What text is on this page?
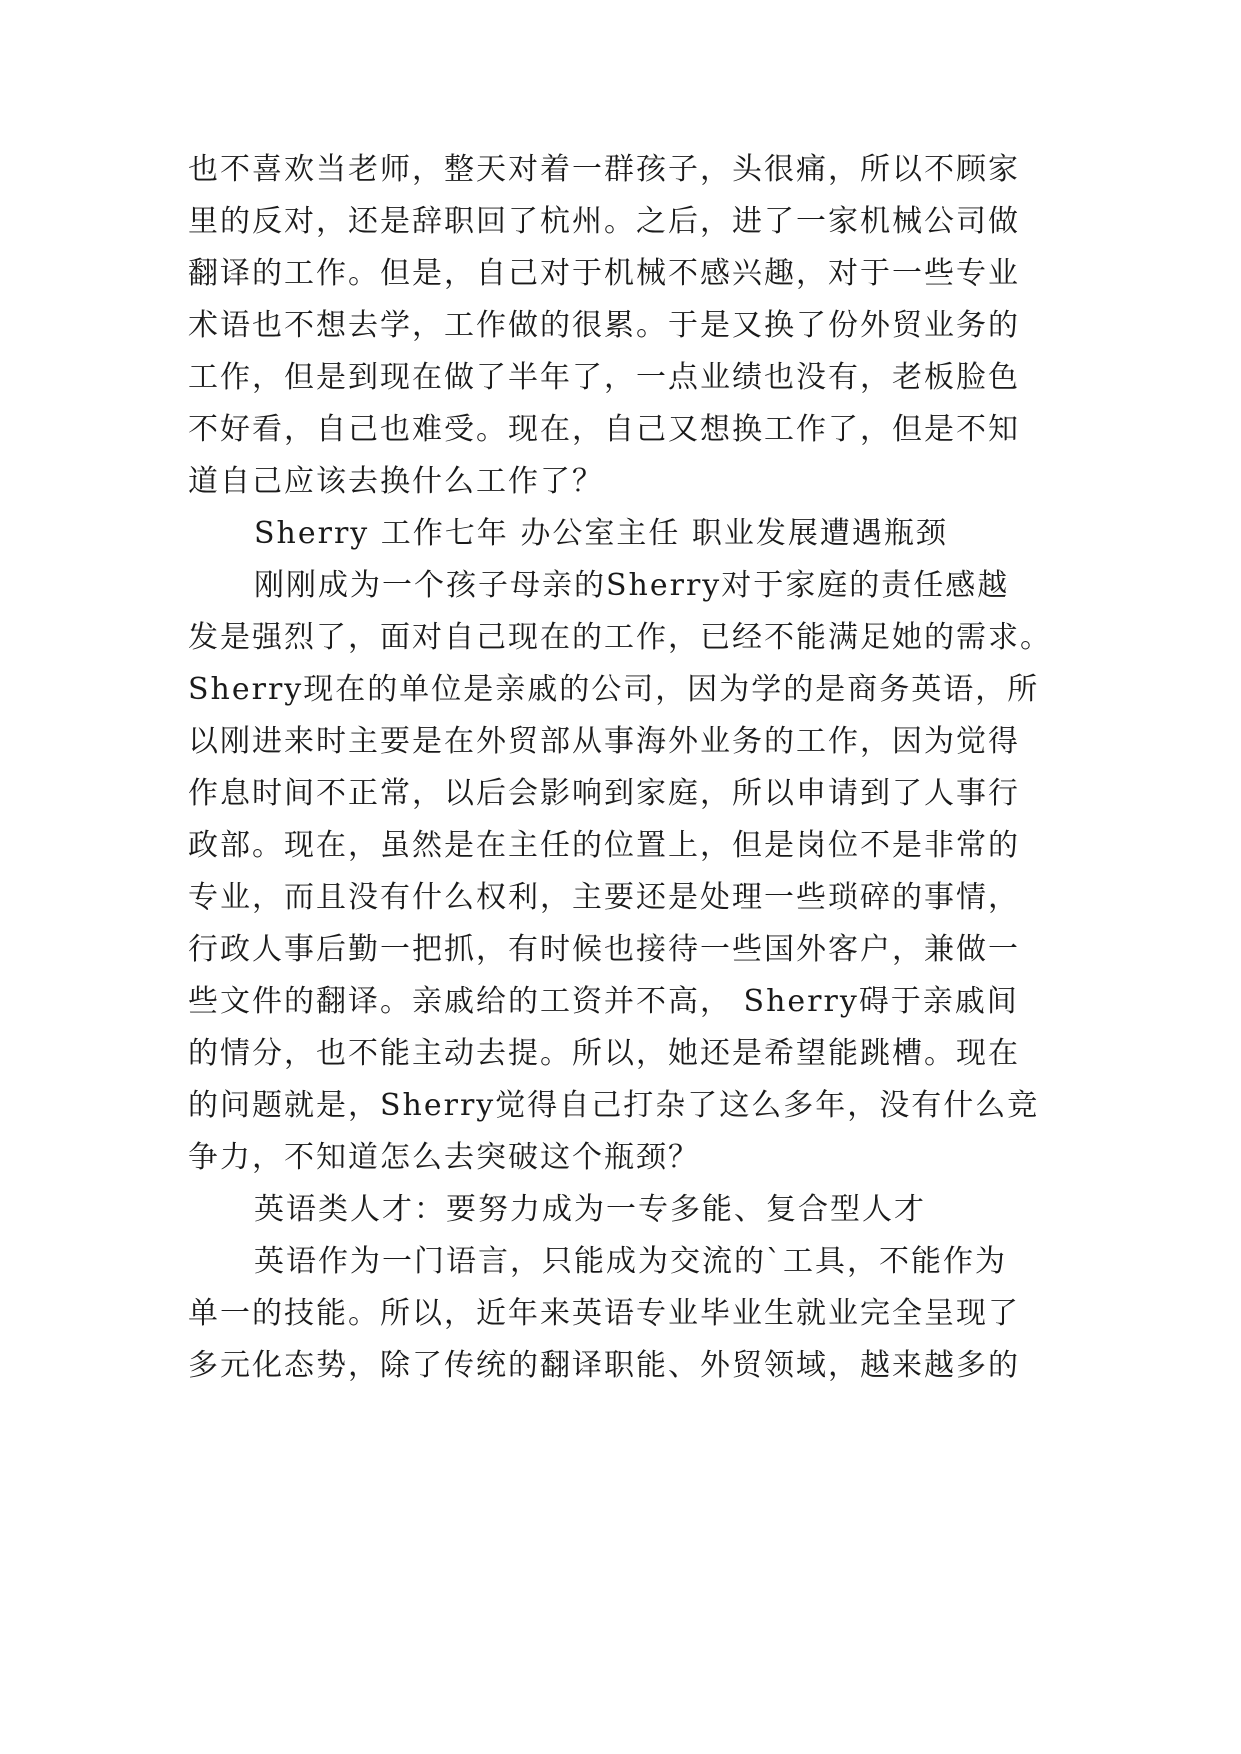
也不喜欢当老师，整天对着一群孩子，头很痛，所以不顾家
里的反对，还是辞职回了杭州。之后，进了一家机械公司做
翻译的工作。但是，自己对于机械不感兴趣，对于一些专业
术语也不想去学，工作做的很累。于是又换了份外贸业务的
工作，但是到现在做了半年了，一点业绩也没有，老板脸色
不好看，自己也难受。现在，自己又想换工作了，但是不知
道自己应该去换什么工作了？
Sherry 工作七年 办公室主任 职业发展遭遇瓶颈
刚刚成为一个孩子母亲的Sherry对于家庭的责任感越
发是强烈了，面对自己现在的工作，已经不能满足她的需求。
Sherry现在的单位是亲戚的公司，因为学的是商务英语，所
以刚进来时主要是在外贸部从事海外业务的工作，因为觉得
作息时间不正常，以后会影响到家庭，所以申请到了人事行
政部。现在，虽然是在主任的位置上，但是岗位不是非常的
专业，而且没有什么权利，主要还是处理一些琐碎的事情，
行政人事后勤一把抓，有时候也接待一些国外客户，兼做一
些文件的翻译。亲戚给的工资并不高， Sherry碍于亲戚间
的情分，也不能主动去提。所以，她还是希望能跳槽。现在
的问题就是，Sherry觉得自己打杂了这么多年，没有什么竞
争力，不知道怎么去突破这个瓶颈？
英语类人才：要努力成为一专多能、复合型人才
英语作为一门语言，只能成为交流的`工具，不能作为
单一的技能。所以，近年来英语专业毕业生就业完全呈现了
多元化态势，除了传统的翻译职能、外贸领域，越来越多的
